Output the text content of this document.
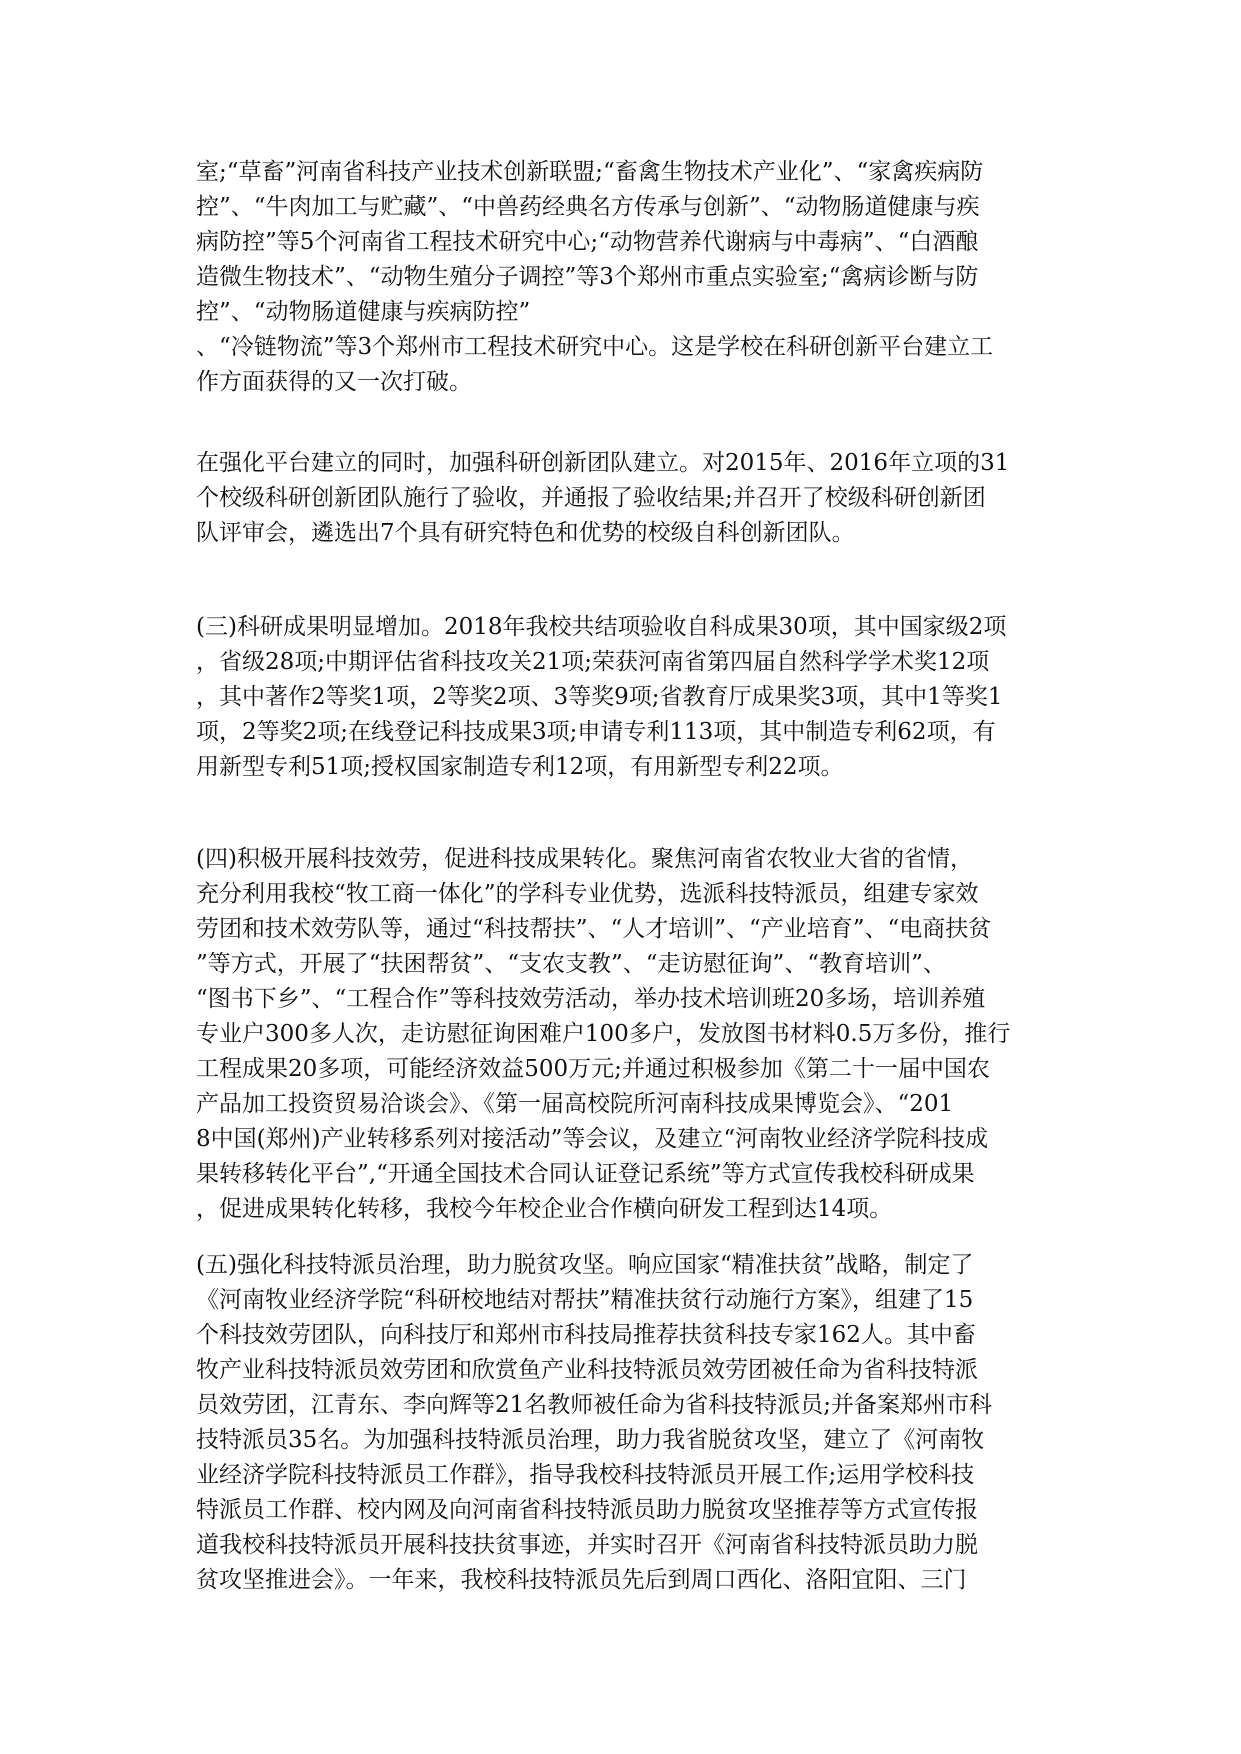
室;“草畜”河南省科技产业技术创新联盟;“畜禽生物技术产业化”、“家禽疾病防
控”、“牛肉加工与贮藏”、“中兽药经典名方传承与创新”、“动物肠道健康与疾
病防控”等5个河南省工程技术研究中心;“动物营养代谢病与中毒病”、“白酒酿
造微生物技术”、“动物生殖分子调控”等3个郑州市重点实验室;“禽病诊断与防
控”、“动物肠道健康与疾病防控”
、“冷链物流”等3个郑州市工程技术研究中心。这是学校在科研创新平台建立工
作方面获得的又一次打破。
在强化平台建立的同时，加强科研创新团队建立。对2015年、2016年立项的31
个校级科研创新团队施行了验收，并通报了验收结果;并召开了校级科研创新团
队评审会，遴选出7个具有研究特色和优势的校级自科创新团队。
(三)科研成果明显增加。2018年我校共结项验收自科成果30项，其中国家级2项
，省级28项;中期评估省科技攻关21项;荣获河南省第四届自然科学学术奖12项
，其中著作2等奖1项，2等奖2项、3等奖9项;省教育厅成果奖3项，其中1等奖1
项，2等奖2项;在线登记科技成果3项;申请专利113项，其中制造专利62项，有
用新型专利51项;授权国家制造专利12项，有用新型专利22项。
(四)积极开展科技效劳，促进科技成果转化。聚焦河南省农牧业大省的省情，
充分利用我校“牧工商一体化”的学科专业优势，选派科技特派员，组建专家效
劳团和技术效劳队等，通过“科技帮扶”、“人才培训”、“产业培育”、“电商扶贫
”等方式，开展了“扶困帮贫”、“支农支教”、“走访慰征询”、“教育培训”、
“图书下乡”、“工程合作”等科技效劳活动，举办技术培训班20多场，培训养殖
专业户300多人次，走访慰征询困难户100多户，发放图书材料0.5万多份，推行
工程成果20多项，可能经济效益500万元;并通过积极参加《第二十一届中国农
产品加工投资贸易洽谈会》、《第一届高校院所河南科技成果博览会》、“201
8中国(郑州)产业转移系列对接活动”等会议，及建立“河南牧业经济学院科技成
果转移转化平台”,“开通全国技术合同认证登记系统”等方式宣传我校科研成果
，促进成果转化转移，我校今年校企业合作横向研发工程到达14项。
(五)强化科技特派员治理，助力脱贫攻坚。响应国家“精准扶贫”战略，制定了
《河南牧业经济学院“科研校地结对帮扶”精准扶贫行动施行方案》，组建了15
个科技效劳团队，向科技厅和郑州市科技局推荐扶贫科技专家162人。其中畜
牧产业科技特派员效劳团和欣赏鱼产业科技特派员效劳团被任命为省科技特派
员效劳团，江青东、李向辉等21名教师被任命为省科技特派员;并备案郑州市科
技特派员35名。为加强科技特派员治理，助力我省脱贫攻坚，建立了《河南牧
业经济学院科技特派员工作群》，指导我校科技特派员开展工作;运用学校科技
特派员工作群、校内网及向河南省科技特派员助力脱贫攻坚推荐等方式宣传报
道我校科技特派员开展科技扶贫事迹，并实时召开《河南省科技特派员助力脱
贫攻坚推进会》。一年来，我校科技特派员先后到周口西化、洛阳宜阳、三门
